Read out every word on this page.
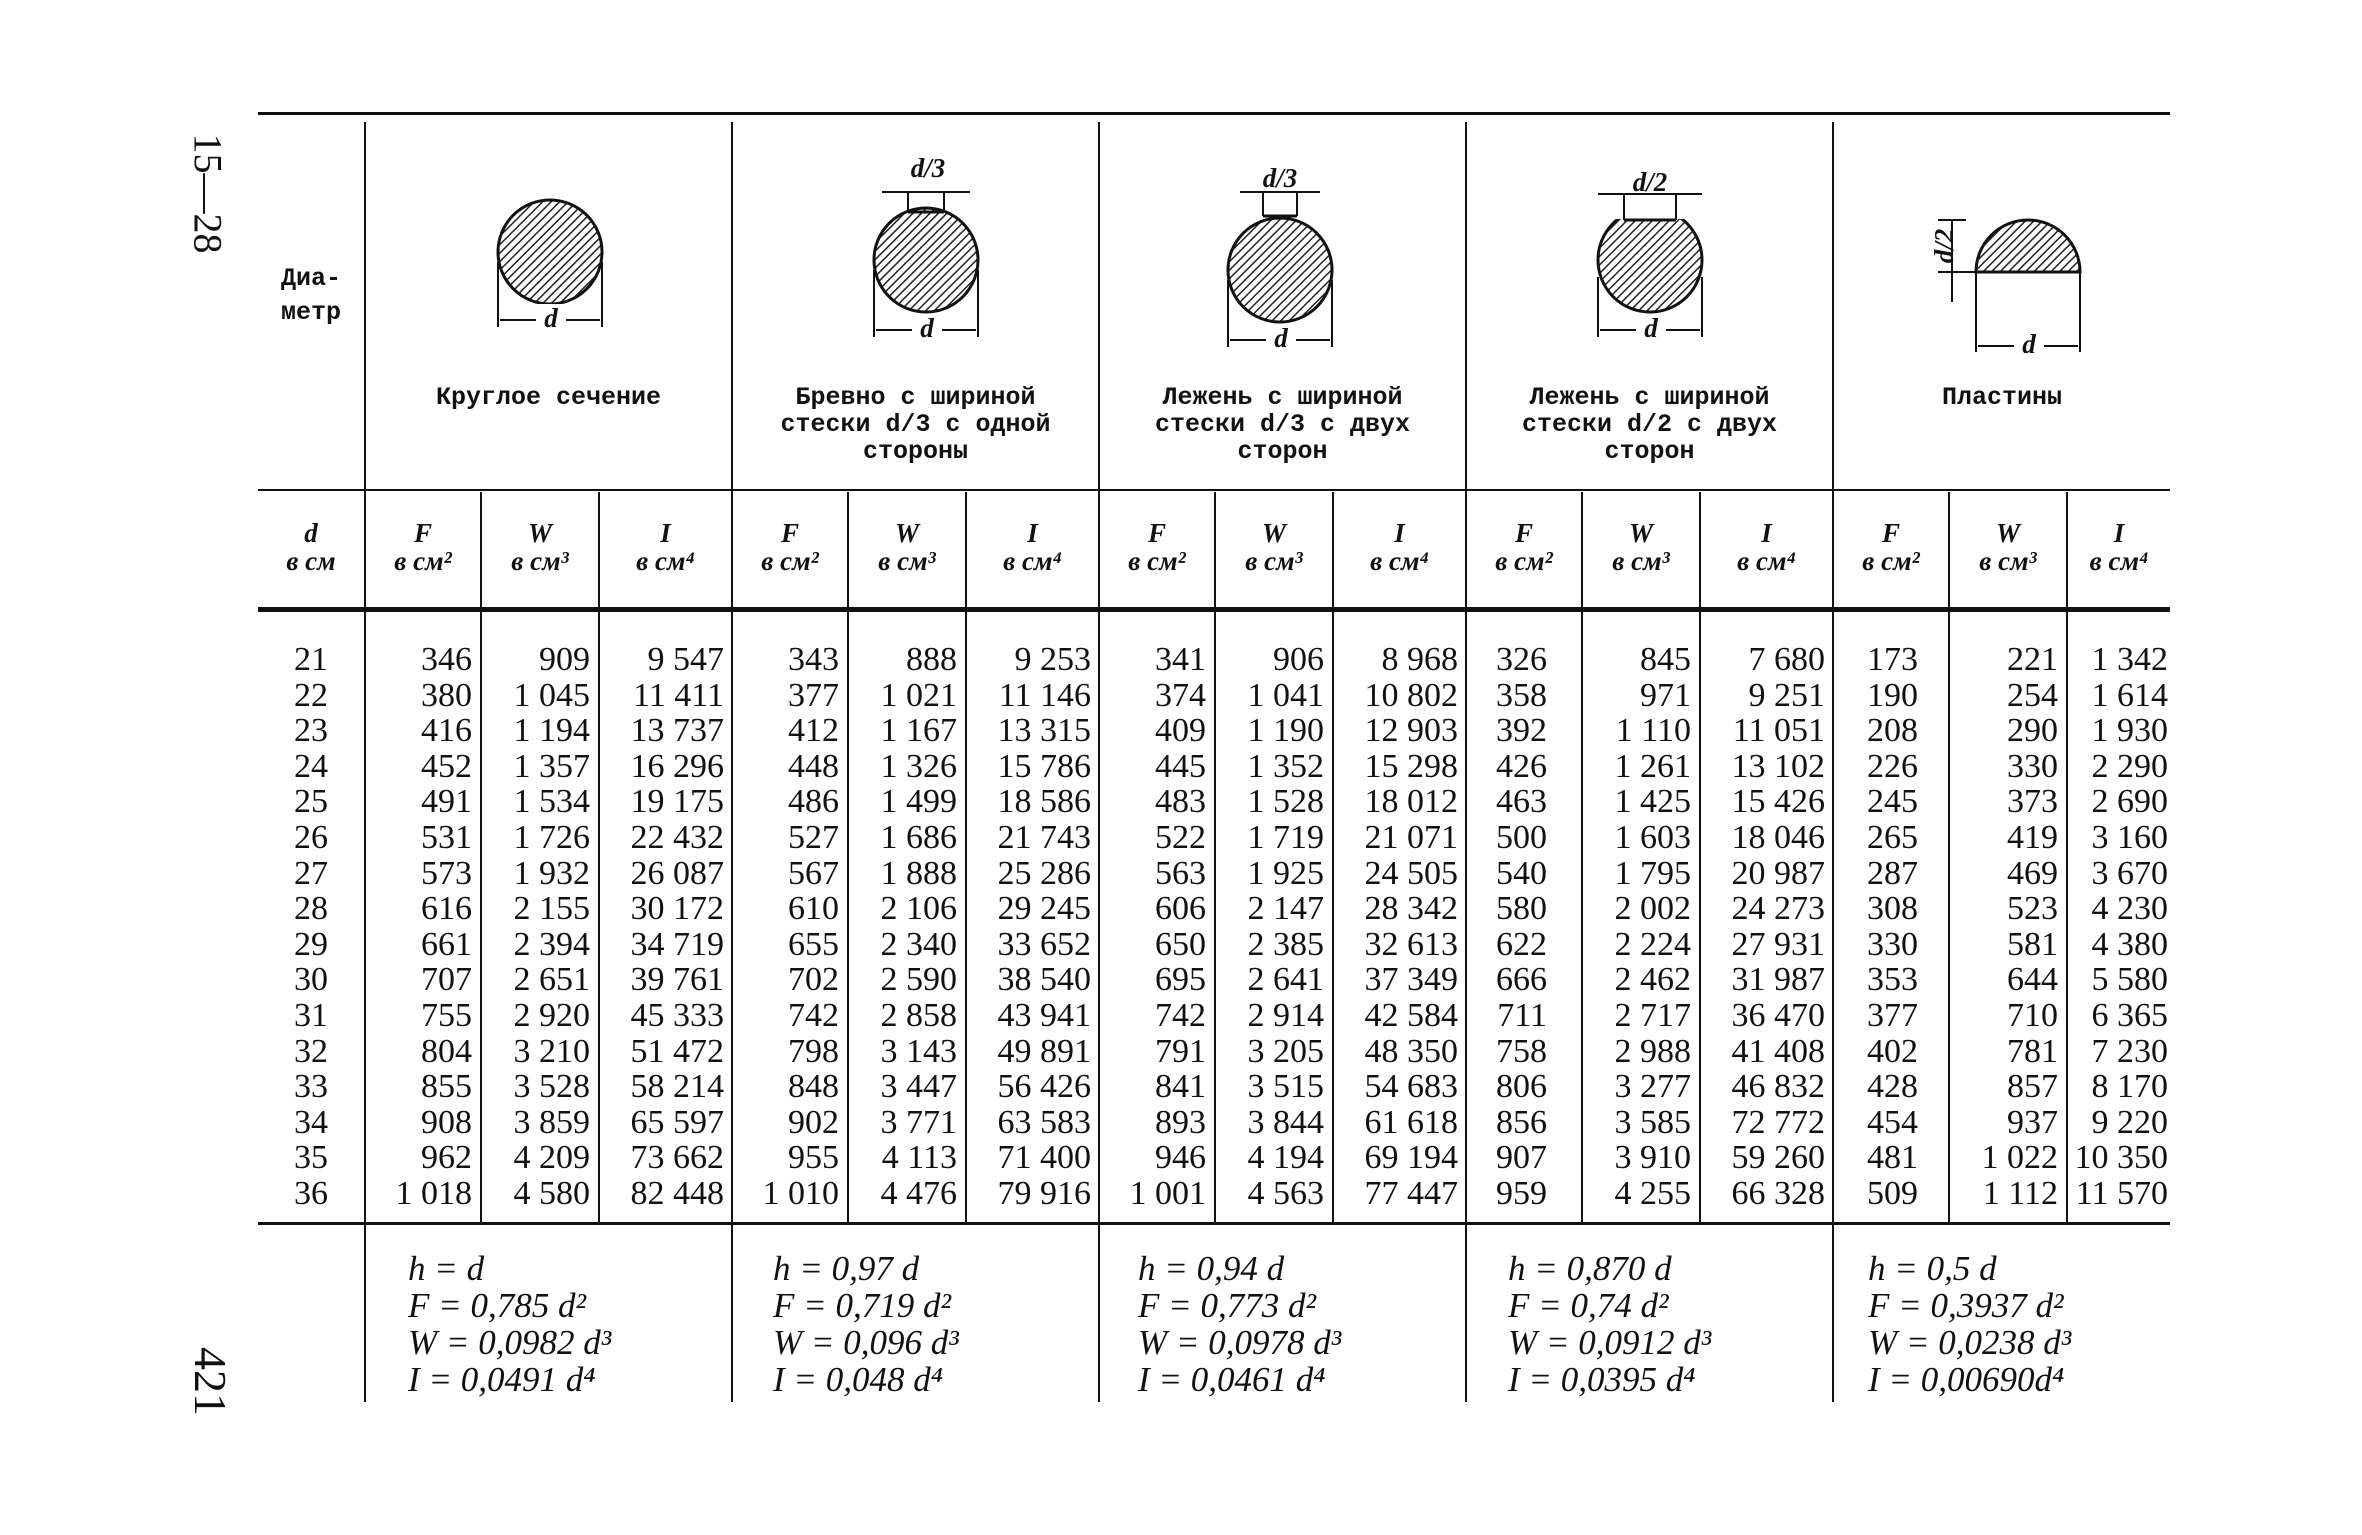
15—28
421
Диа-
метр
Круглое сечение	Бревно с шириной
стески d/3 с одной
стороны
Лежень с шириной
стески d/3 с двух
сторон
Лежень с шириной
стески d/2 с двух
сторон
Пластины
d	d
d/3
d
d/3
d
d/2
d
d/2
d
в см
F
в см²
W
в см³
I
в см⁴
F
в см²
W
в см³
I
в см⁴
F
в см²
W
в см³
I
в см⁴
F
в см²
W
в см³
I
в см⁴
F
в см²
W
в см³
I
в см⁴
21
22
23
24
25
26
27
28
29
30
31
32
33
34
35
36
346
380
416
452
491
531
573
616
661
707
755
804
855
908
962
1 018
909
1 045
1 194
1 357
1 534
1 726
1 932
2 155
2 394
2 651
2 920
3 210
3 528
3 859
4 209
4 580
9 547
11 411
13 737
16 296
19 175
22 432
26 087
30 172
34 719
39 761
45 333
51 472
58 214
65 597
73 662
82 448
343
377
412
448
486
527
567
610
655
702
742
798
848
902
955
1 010
888
1 021
1 167
1 326
1 499
1 686
1 888
2 106
2 340
2 590
2 858
3 143
3 447
3 771
4 113
4 476
9 253
11 146
13 315
15 786
18 586
21 743
25 286
29 245
33 652
38 540
43 941
49 891
56 426
63 583
71 400
79 916
341
374
409
445
483
522
563
606
650
695
742
791
841
893
946
1 001
906
1 041
1 190
1 352
1 528
1 719
1 925
2 147
2 385
2 641
2 914
3 205
3 515
3 844
4 194
4 563
8 968
10 802
12 903
15 298
18 012
21 071
24 505
28 342
32 613
37 349
42 584
48 350
54 683
61 618
69 194
77 447
326
358
392
426
463
500
540
580
622
666
711
758
806
856
907
959
845
971
1 110
1 261
1 425
1 603
1 795
2 002
2 224
2 462
2 717
2 988
3 277
3 585
3 910
4 255
7 680
9 251
11 051
13 102
15 426
18 046
20 987
24 273
27 931
31 987
36 470
41 408
46 832
72 772
59 260
66 328
173
190
208
226
245
265
287
308
330
353
377
402
428
454
481
509
221
254
290
330
373
419
469
523
581
644
710
781
857
937
1 022
1 112
1 342
1 614
1 930
2 290
2 690
3 160
3 670
4 230
4 380
5 580
6 365
7 230
8 170
9 220
10 350
11 570
h = d
F = 0,785 d²
W = 0,0982 d³
I = 0,0491 d⁴
h = 0,97 d
F = 0,719 d²
W = 0,096 d³
I = 0,048 d⁴
h = 0,94 d
F = 0,773 d²
W = 0,0978 d³
I = 0,0461 d⁴
h = 0,870 d
F = 0,74 d²
W = 0,0912 d³
I = 0,0395 d⁴
h = 0,5 d
F = 0,3937 d²
W = 0,0238 d³
I = 0,00690d⁴
